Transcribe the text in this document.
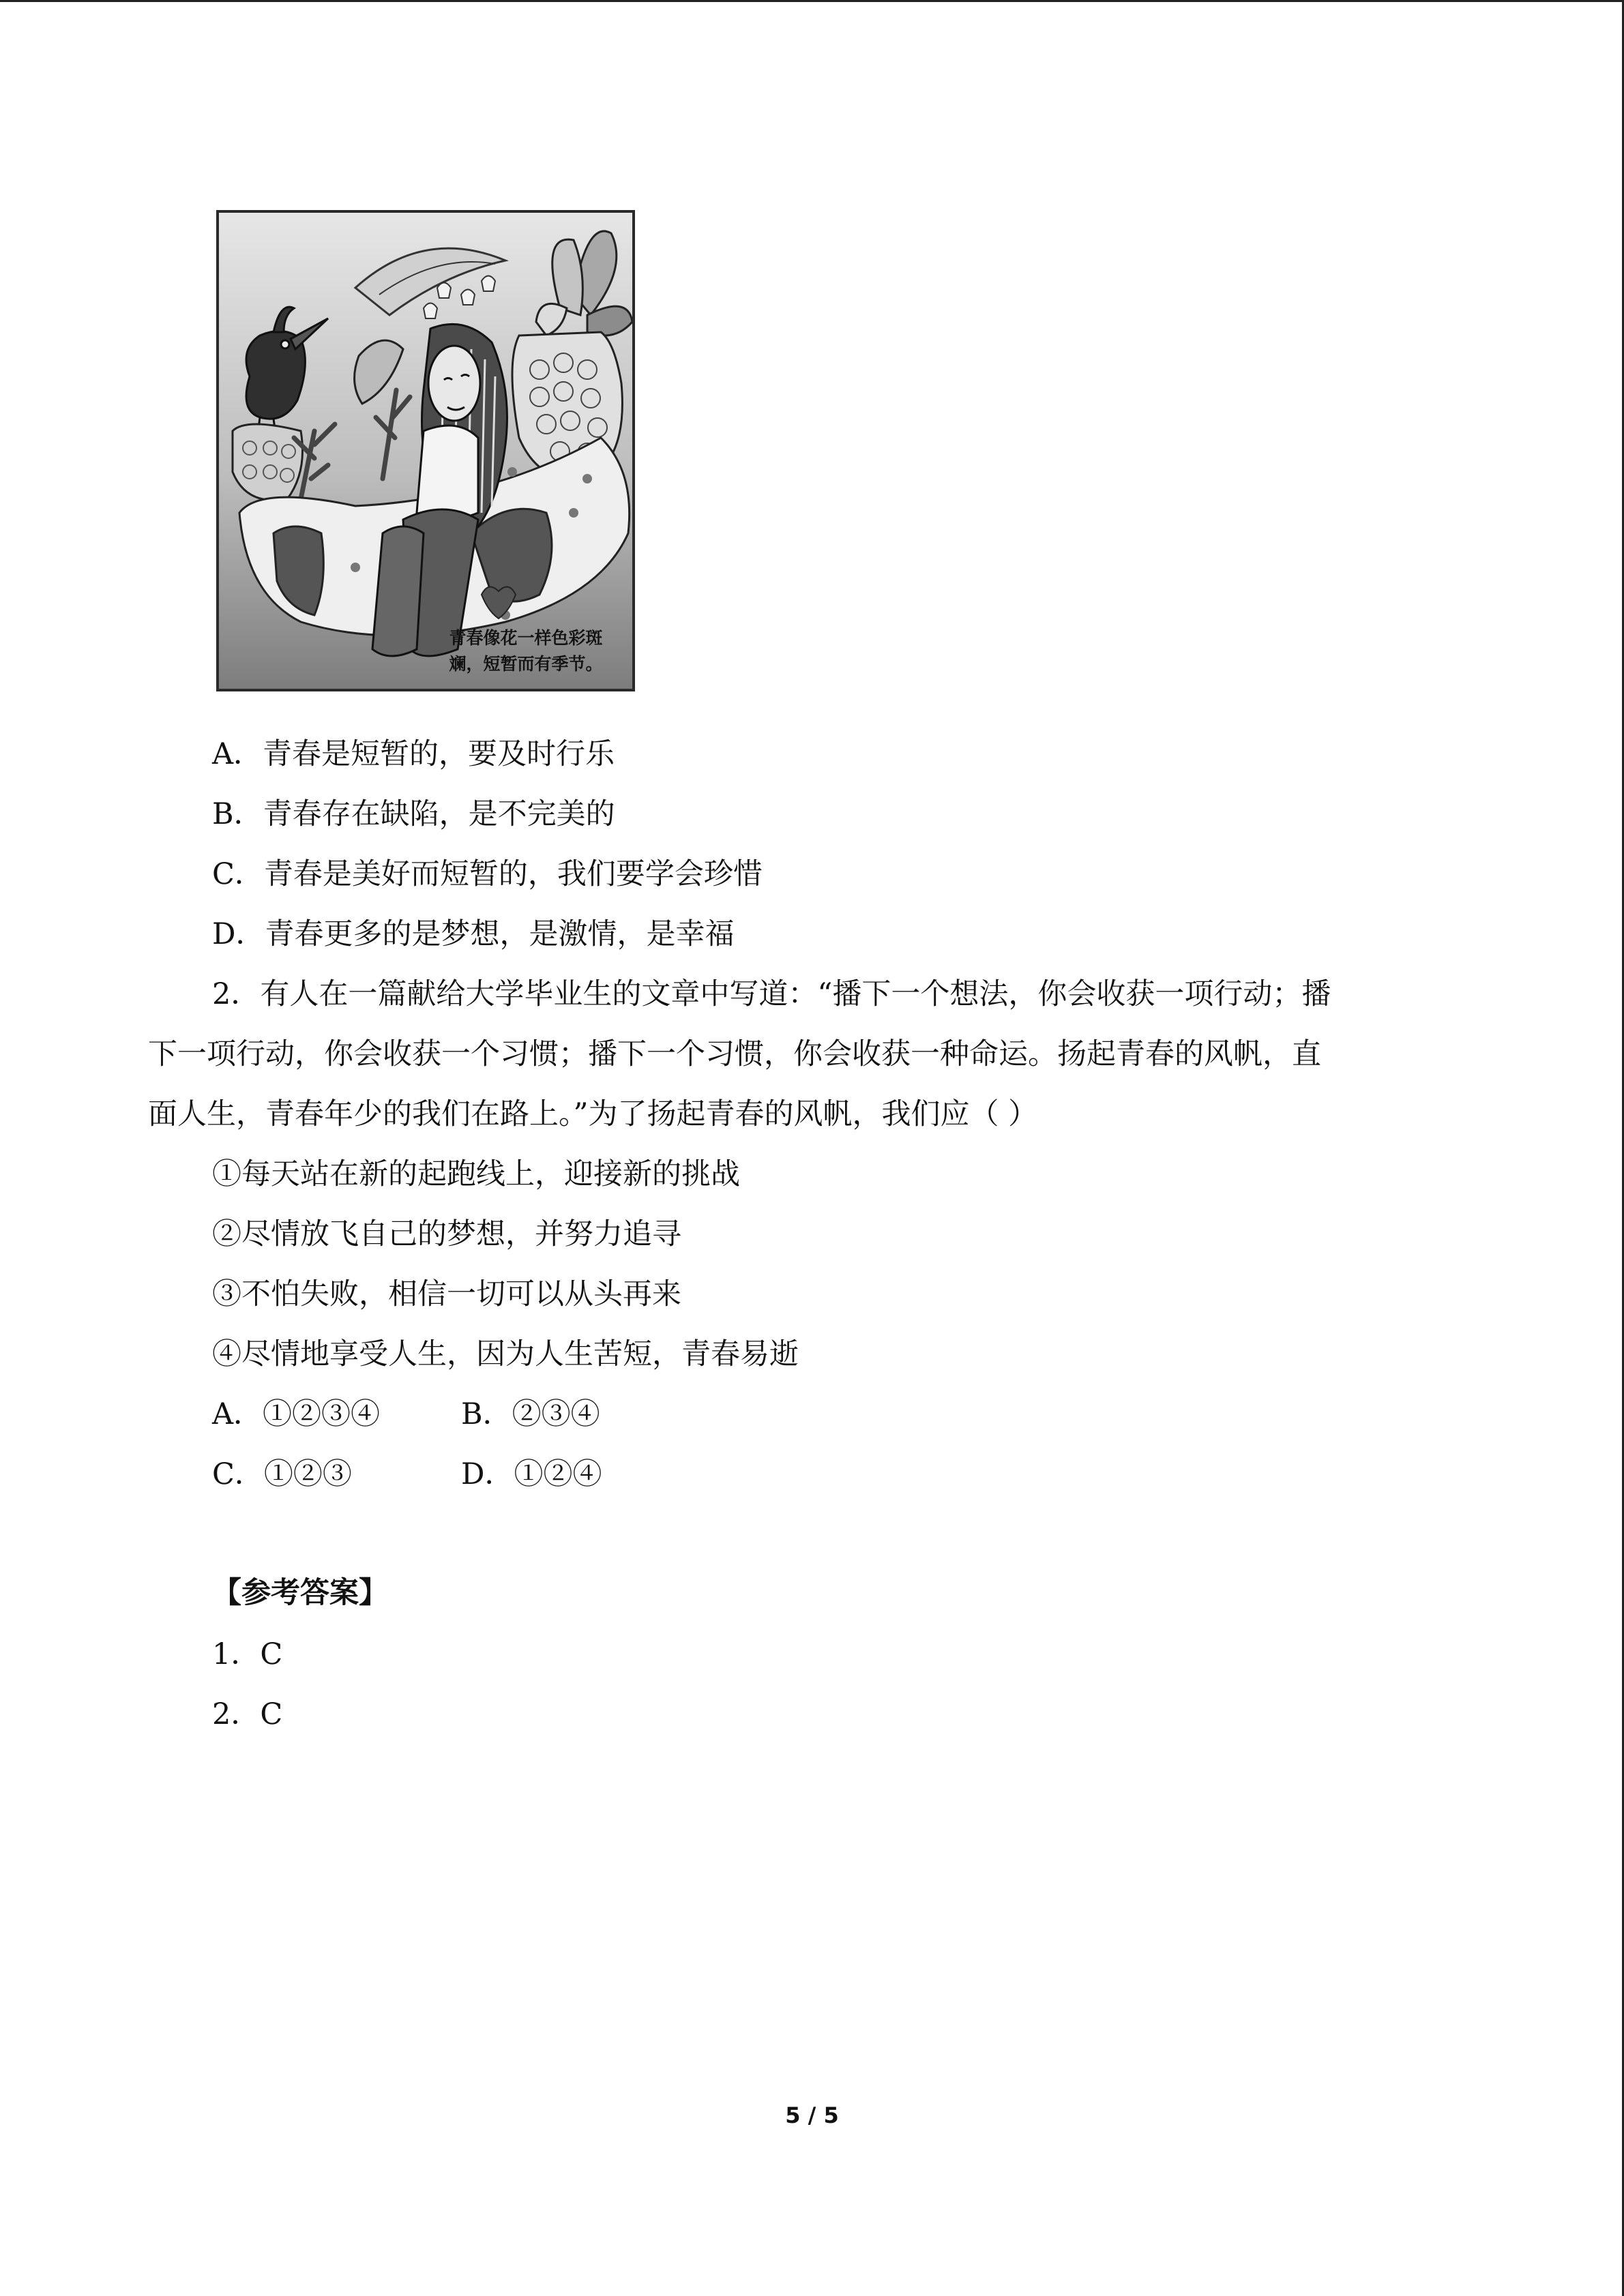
青春像花一样色彩斑
斓，短暂而有季节。
A．青春是短暂的，要及时行乐
B．青春存在缺陷，是不完美的
C．青春是美好而短暂的，我们要学会珍惜
D．青春更多的是梦想，是激情，是幸福
2．有人在一篇献给大学毕业生的文章中写道：“播下一个想法，你会收获一项行动；播
下一项行动，你会收获一个习惯；播下一个习惯，你会收获一种命运。扬起青春的风帆，直
面人生，青春年少的我们在路上。”为了扬起青春的风帆，我们应（ ）
①每天站在新的起跑线上，迎接新的挑战
②尽情放飞自己的梦想，并努力追寻
③不怕失败，相信一切可以从头再来
④尽情地享受人生，因为人生苦短，青春易逝
A．①②③④	B．②③④
C．①②③	D．①②④
【参考答案】
1．C
2．C
5 / 5
